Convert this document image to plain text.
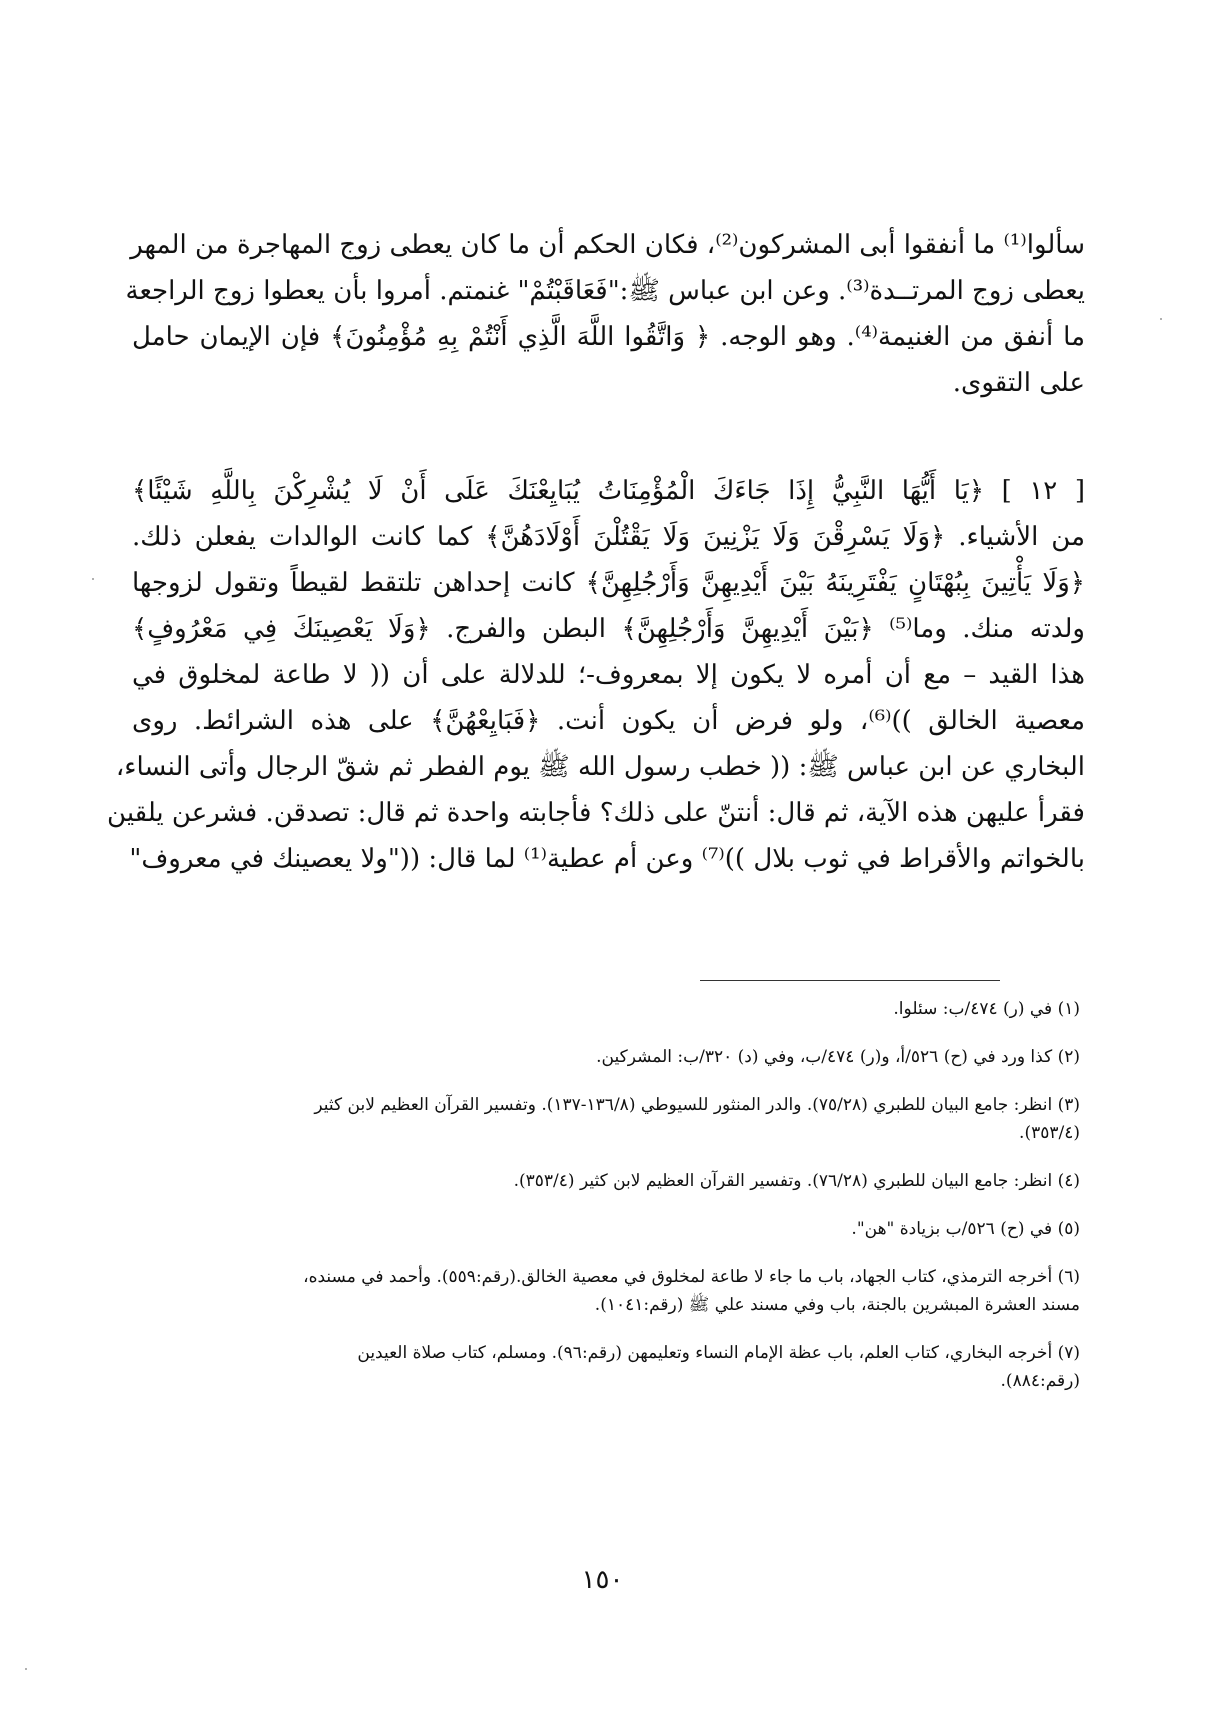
سألوا⁽¹⁾ ما أنفقوا أبى المشركون⁽²⁾، فكان الحكم أن ما كان يعطى زوج المهاجرة من المهر
يعطى زوج المرتــدة⁽³⁾. وعن ابن عباس ﷺ:"فَعَاقَبْتُمْ" غنمتم. أمروا بأن يعطوا زوج الراجعة
ما أنفق من الغنيمة⁽⁴⁾. وهو الوجه. ﴿ وَاتَّقُوا اللَّهَ الَّذِي أَنْتُمْ بِهِ مُؤْمِنُونَ﴾ فإن الإيمان حامل
على التقوى.
[ ١٢ ] ﴿يَا أَيُّهَا النَّبِيُّ إِذَا جَاءَكَ الْمُؤْمِنَاتُ يُبَايِعْنَكَ عَلَى أَنْ لَا يُشْرِكْنَ بِاللَّهِ شَيْئًا﴾
من الأشياء. ﴿وَلَا يَسْرِقْنَ وَلَا يَزْنِينَ وَلَا يَقْتُلْنَ أَوْلَادَهُنَّ﴾ كما كانت الوالدات يفعلن ذلك.
﴿وَلَا يَأْتِينَ بِبُهْتَانٍ يَفْتَرِينَهُ بَيْنَ أَيْدِيهِنَّ وَأَرْجُلِهِنَّ﴾ كانت إحداهن تلتقط لقيطاً وتقول لزوجها
ولدته منك. وما⁽⁵⁾ ﴿بَيْنَ أَيْدِيهِنَّ وَأَرْجُلِهِنَّ﴾ البطن والفرج. ﴿وَلَا يَعْصِينَكَ فِي مَعْرُوفٍ﴾
هذا القيد – مع أن أمره لا يكون إلا بمعروف-؛ للدلالة على أن (( لا طاعة لمخلوق في
معصية الخالق ))⁽⁶⁾، ولو فرض أن يكون أنت. ﴿فَبَايِعْهُنَّ﴾ على هذه الشرائط. روى
البخاري عن ابن عباس ﷺ: (( خطب رسول الله ﷺ يوم الفطر ثم شقّ الرجال وأتى النساء،
فقرأ عليهن هذه الآية، ثم قال: أنتنّ على ذلك؟ فأجابته واحدة ثم قال: تصدقن. فشرعن يلقين
بالخواتم والأقراط في ثوب بلال ))⁽⁷⁾ وعن أم عطية⁽¹⁾ لما قال: (("ولا يعصينك في معروف"
(١) في (ر) ٤٧٤/ب: سئلوا.
(٢) كذا ورد في (ح) ٥٢٦/أ، و(ر) ٤٧٤/ب، وفي (د) ٣٢٠/ب: المشركين.
(٣) انظر: جامع البيان للطبري (٧٥/٢٨). والدر المنثور للسيوطي (١٣٦/٨-١٣٧). وتفسير القرآن العظيم لابن كثير
(٣٥٣/٤).
(٤) انظر: جامع البيان للطبري (٧٦/٢٨). وتفسير القرآن العظيم لابن كثير (٣٥٣/٤).
(٥) في (ح) ٥٢٦/ب بزيادة "هن".
(٦) أخرجه الترمذي، كتاب الجهاد، باب ما جاء لا طاعة لمخلوق في معصية الخالق.(رقم:٥٥٩). وأحمد في مسنده،
مسند العشرة المبشرين بالجنة، باب وفي مسند علي ﷺ (رقم:١٠٤١).
(٧) أخرجه البخاري، كتاب العلم، باب عظة الإمام النساء وتعليمهن (رقم:٩٦). ومسلم، كتاب صلاة العيدين
(رقم:٨٨٤).
١٥٠
